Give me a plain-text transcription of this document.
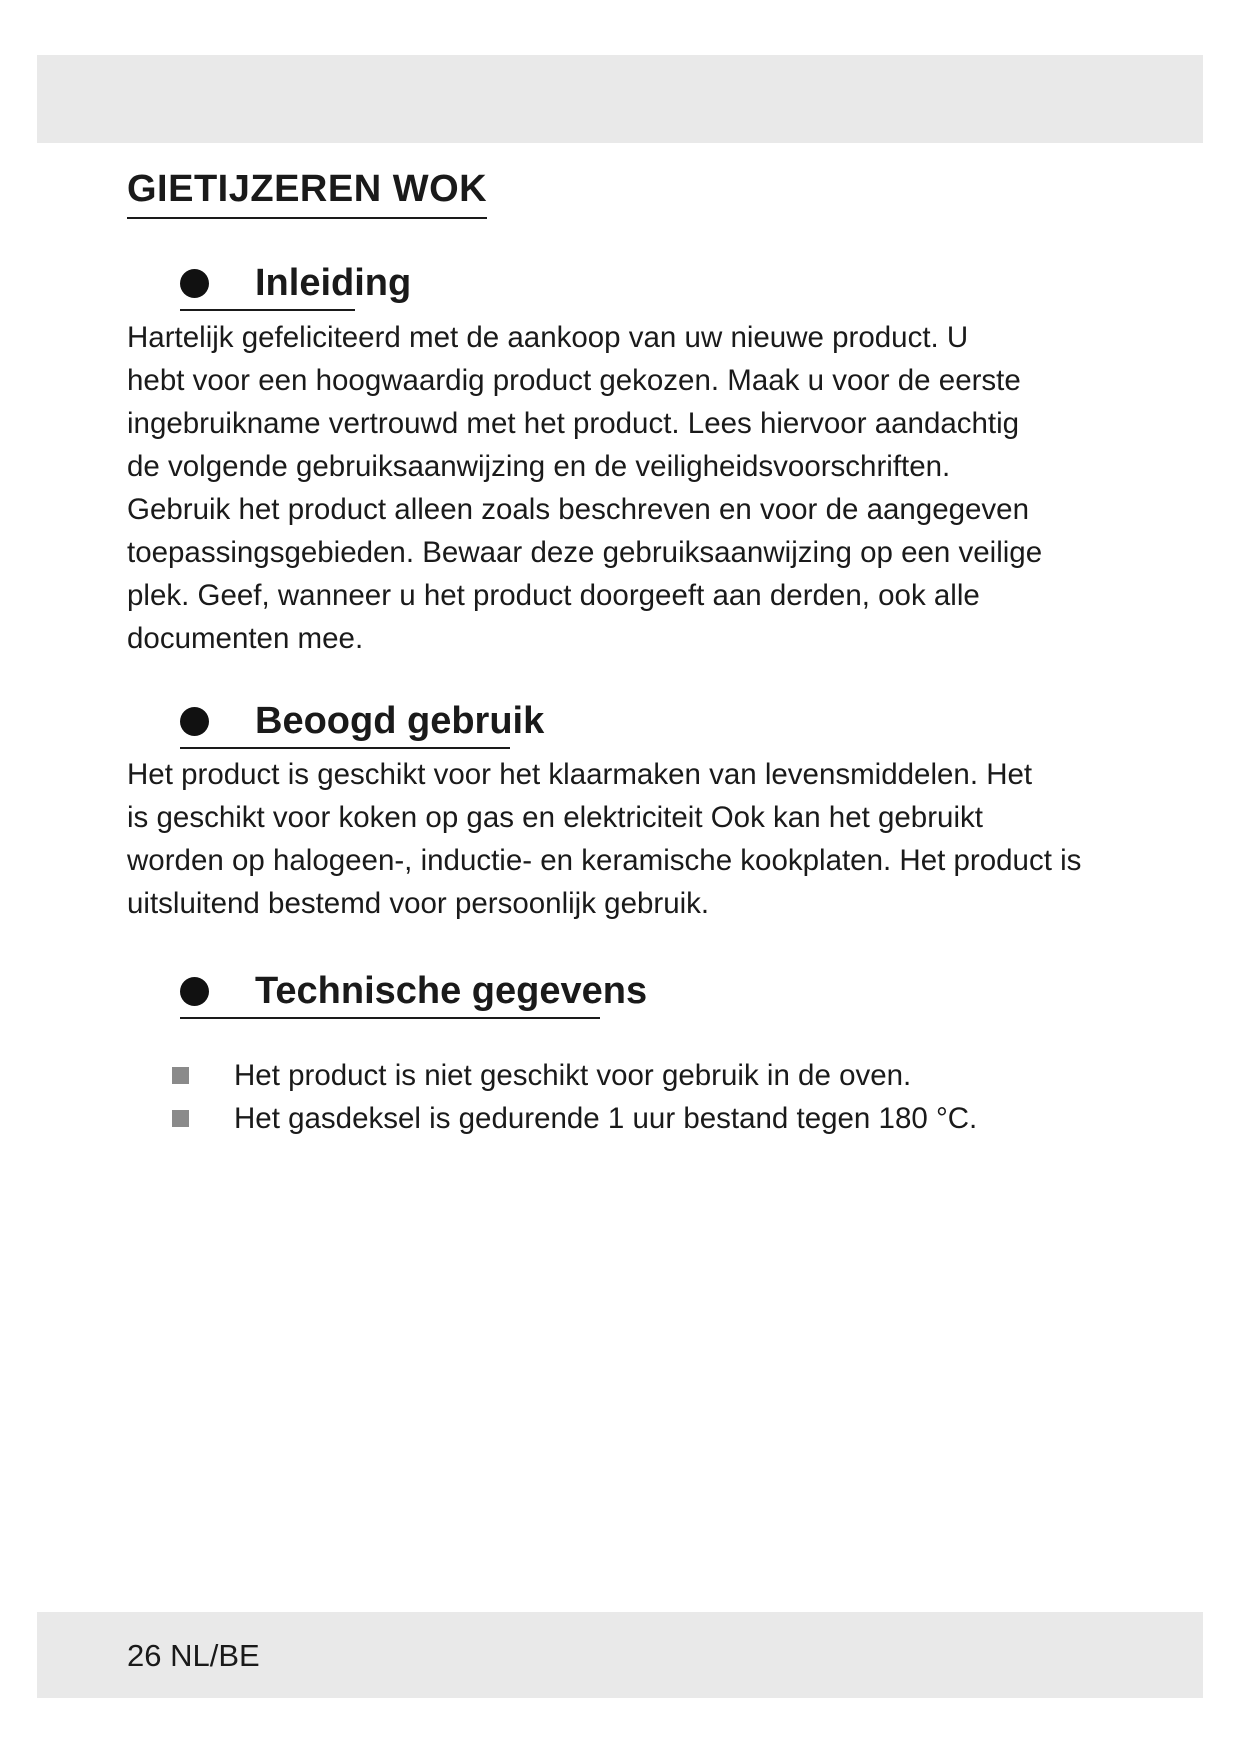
GIETIJZEREN WOK
Inleiding

Hartelijk gefeliciteerd met de aankoop van uw nieuwe product. U
hebt voor een hoogwaardig product gekozen. Maak u voor de eerste
ingebruikname vertrouwd met het product. Lees hiervoor aandachtig
de volgende gebruiksaanwijzing en de veiligheidsvoorschriften.
Gebruik het product alleen zoals beschreven en voor de aangegeven
toepassingsgebieden. Bewaar deze gebruiksaanwijzing op een veilige
plek. Geef, wanneer u het product doorgeeft aan derden, ook alle
documenten mee.

Beoogd gebruik

Het product is geschikt voor het klaarmaken van levensmiddelen. Het
is geschikt voor koken op gas en elektriciteit Ook kan het gebruikt
worden op halogeen-, inductie- en keramische kookplaten. Het product is
uitsluitend bestemd voor persoonlijk gebruik.

Technische gegevens
Het product is niet geschikt voor gebruik in de oven.
Het gasdeksel is gedurende 1 uur bestand tegen 180 °C.
26 NL/BE
